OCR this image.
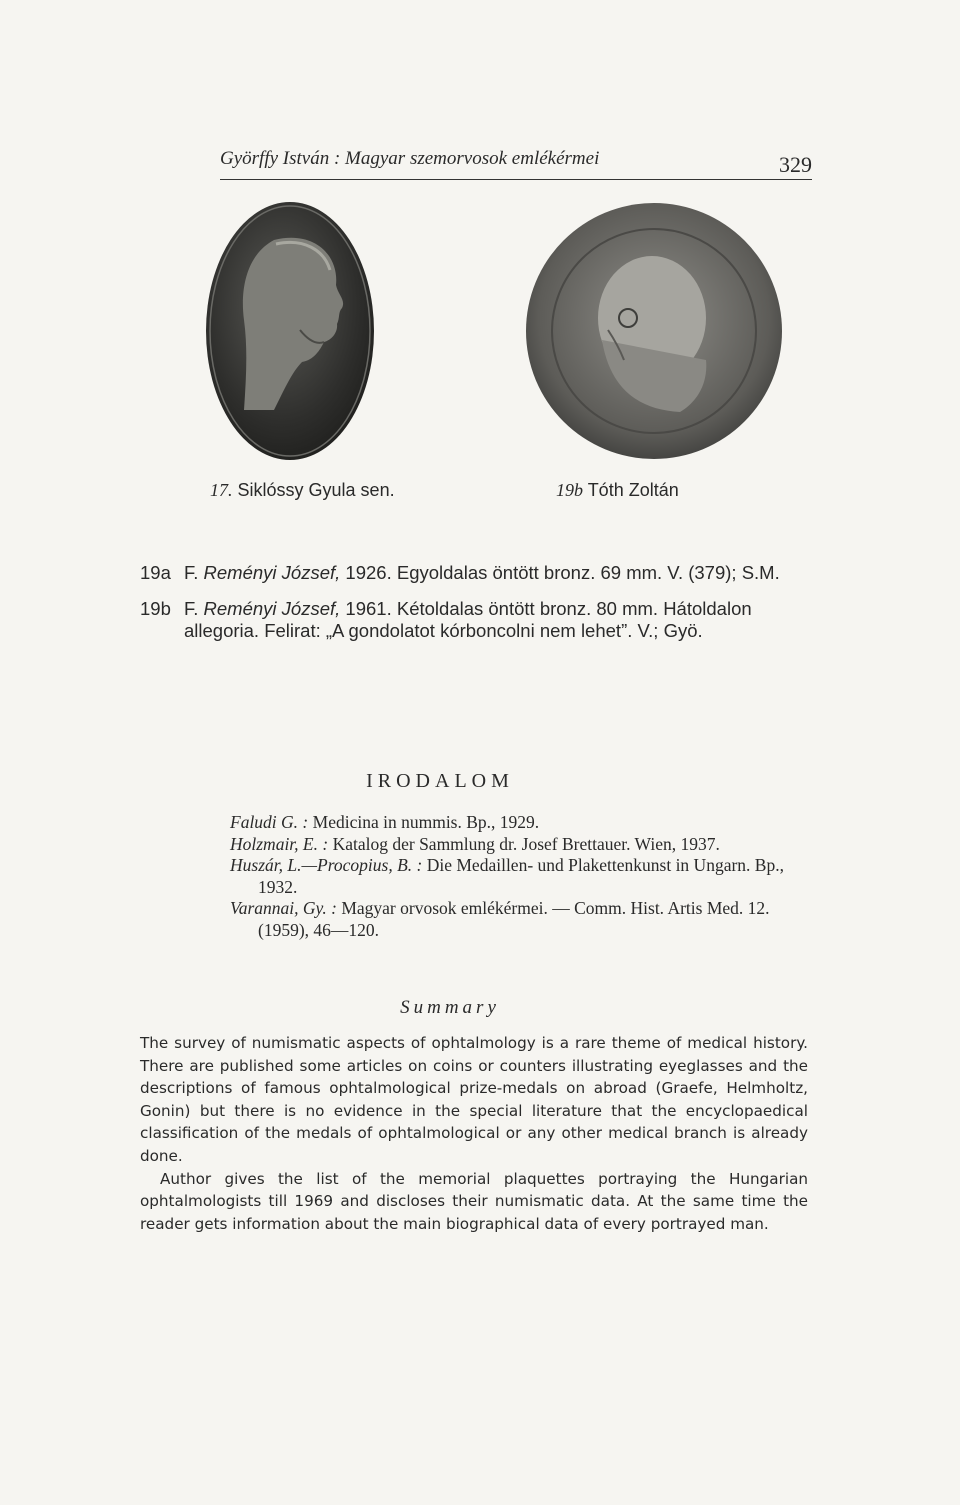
Györffy István : Magyar szemorvosok emlékérmei	329
17. Siklóssy Gyula sen.	19b Tóth Zoltán
19a F. Reményi József, 1926. Egyoldalas öntött bronz. 69 mm. V. (379); S.M.
19b F. Reményi József, 1961. Kétoldalas öntött bronz. 80 mm. Hátoldalon allegoria. Felirat: „A gondolatot kórboncolni nem lehet”. V.; Gyö.
IRODALOM
Faludi G. : Medicina in nummis. Bp., 1929.
Holzmair, E. : Katalog der Sammlung dr. Josef Brettauer. Wien, 1937.
Huszár, L.—Procopius, B. : Die Medaillen- und Plakettenkunst in Ungarn. Bp., 1932.
Varannai, Gy. : Magyar orvosok emlékérmei. — Comm. Hist. Artis Med. 12. (1959), 46—120.
Summary

The survey of numismatic aspects of ophtalmology is a rare theme of medical history. There are published some articles on coins or counters illustrating eyeglasses and the descriptions of famous ophtalmological prize-medals on abroad (Graefe, Helmholtz, Gonin) but there is no evidence in the special literature that the encyclopaedical classification of the medals of ophtalmological or any other medical branch is already done.

Author gives the list of the memorial plaquettes portraying the Hungarian ophtalmologists till 1969 and discloses their numismatic data. At the same time the reader gets information about the main biographical data of every portrayed man.
